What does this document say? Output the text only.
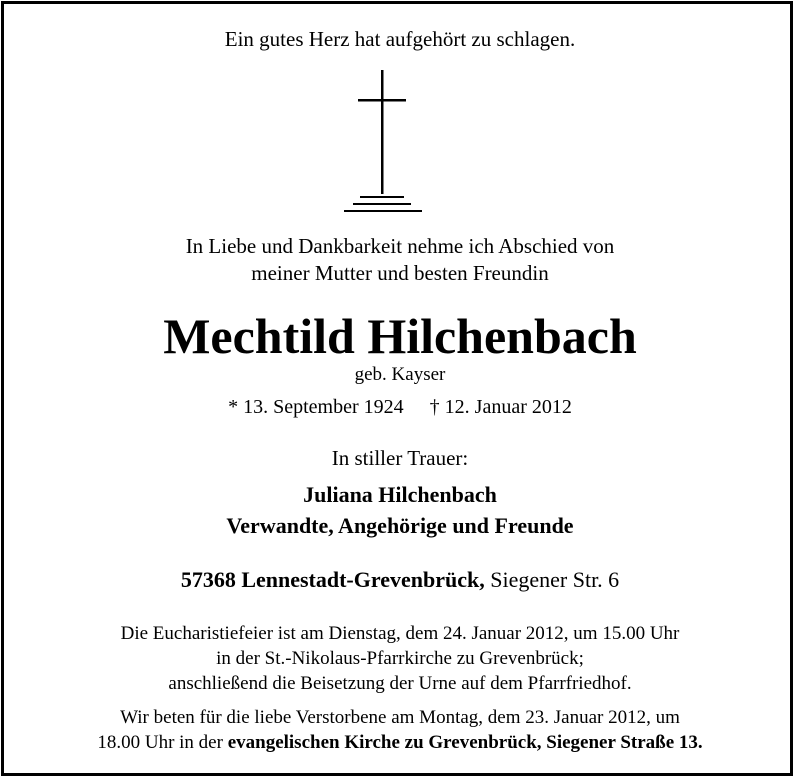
Ein gutes Herz hat aufgehört zu schlagen.
In Liebe und Dankbarkeit nehme ich Abschied von
meiner Mutter und besten Freundin
Mechtild Hilchenbach
geb. Kayser
* 13. September 1924 † 12. Januar 2012
In stiller Trauer:
Juliana Hilchenbach
Verwandte, Angehörige und Freunde
57368 Lennestadt-Grevenbrück, Siegener Str. 6
Die Eucharistiefeier ist am Dienstag, dem 24. Januar 2012, um 15.00 Uhr
in der St.-Nikolaus-Pfarrkirche zu Grevenbrück;
anschließend die Beisetzung der Urne auf dem Pfarrfriedhof.
Wir beten für die liebe Verstorbene am Montag, dem 23. Januar 2012, um
18.00 Uhr in der evangelischen Kirche zu Grevenbrück, Siegener Straße 13.
